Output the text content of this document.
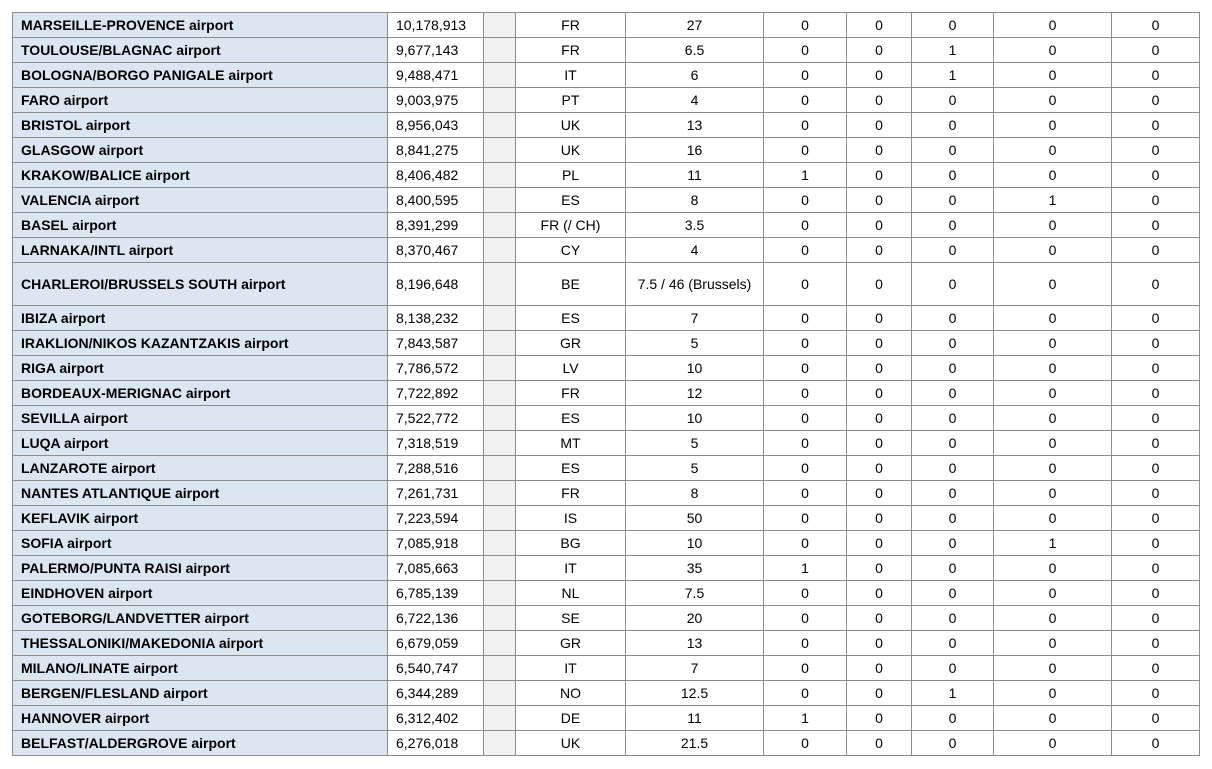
MARSEILLE-PROVENCE airport	10,178,913		FR	27	0	0	0	0	0
TOULOUSE/BLAGNAC airport	9,677,143		FR	6.5	0	0	1	0	0
BOLOGNA/BORGO PANIGALE airport	9,488,471		IT	6	0	0	1	0	0
FARO airport	9,003,975		PT	4	0	0	0	0	0
BRISTOL airport	8,956,043		UK	13	0	0	0	0	0
GLASGOW airport	8,841,275		UK	16	0	0	0	0	0
KRAKOW/BALICE airport	8,406,482		PL	11	1	0	0	0	0
VALENCIA airport	8,400,595		ES	8	0	0	0	1	0
BASEL airport	8,391,299		FR (/ CH)	3.5	0	0	0	0	0
LARNAKA/INTL airport	8,370,467		CY	4	0	0	0	0	0
CHARLEROI/BRUSSELS SOUTH airport	8,196,648		BE	7.5 / 46 (Brussels)	0	0	0	0	0
IBIZA airport	8,138,232		ES	7	0	0	0	0	0
IRAKLION/NIKOS KAZANTZAKIS airport	7,843,587		GR	5	0	0	0	0	0
RIGA airport	7,786,572		LV	10	0	0	0	0	0
BORDEAUX-MERIGNAC airport	7,722,892		FR	12	0	0	0	0	0
SEVILLA airport	7,522,772		ES	10	0	0	0	0	0
LUQA airport	7,318,519		MT	5	0	0	0	0	0
LANZAROTE airport	7,288,516		ES	5	0	0	0	0	0
NANTES ATLANTIQUE airport	7,261,731		FR	8	0	0	0	0	0
KEFLAVIK airport	7,223,594		IS	50	0	0	0	0	0
SOFIA airport	7,085,918		BG	10	0	0	0	1	0
PALERMO/PUNTA RAISI airport	7,085,663		IT	35	1	0	0	0	0
EINDHOVEN airport	6,785,139		NL	7.5	0	0	0	0	0
GOTEBORG/LANDVETTER airport	6,722,136		SE	20	0	0	0	0	0
THESSALONIKI/MAKEDONIA airport	6,679,059		GR	13	0	0	0	0	0
MILANO/LINATE airport	6,540,747		IT	7	0	0	0	0	0
BERGEN/FLESLAND airport	6,344,289		NO	12.5	0	0	1	0	0
HANNOVER airport	6,312,402		DE	11	1	0	0	0	0
BELFAST/ALDERGROVE airport	6,276,018		UK	21.5	0	0	0	0	0
